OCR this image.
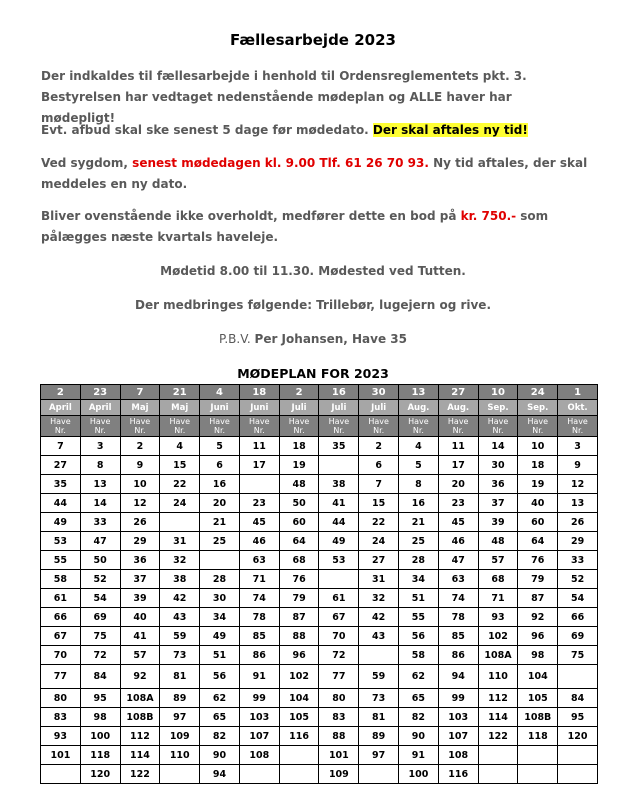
Fællesarbejde 2023
Der indkaldes til fællesarbejde i henhold til Ordensreglementets pkt. 3. Bestyrelsen har vedtaget nedenstående mødeplan og ALLE haver har mødepligt!
Evt. afbud skal ske senest 5 dage før mødedato. Der skal aftales ny tid!
Ved sygdom, senest mødedagen kl. 9.00 Tlf. 61 26 70 93. Ny tid aftales, der skal meddeles en ny dato.
Bliver ovenstående ikke overholdt, medfører dette en bod på kr. 750.- som pålægges næste kvartals haveleje.
Mødetid 8.00 til 11.30. Mødested ved Tutten.
Der medbringes følgende: Trillebør, lugejern og rive.
P.B.V. Per Johansen, Have 35
MØDEPLAN FOR 2023
2	23	7	21	4	18	2	16	30	13	27	10	24	1
April	April	Maj	Maj	Juni	Juni	Juli	Juli	Juli	Aug.	Aug.	Sep.	Sep.	Okt.
Have
Nr.	Have
Nr.	Have
Nr.	Have
Nr.	Have
Nr.	Have
Nr.	Have
Nr.	Have
Nr.	Have
Nr.	Have
Nr.	Have
Nr.	Have
Nr.	Have
Nr.	Have
Nr.
7	3	2	4	5	11	18	35	2	4	11	14	10	3
27	8	9	15	6	17	19		6	5	17	30	18	9
35	13	10	22	16		48	38	7	8	20	36	19	12
44	14	12	24	20	23	50	41	15	16	23	37	40	13
49	33	26		21	45	60	44	22	21	45	39	60	26
53	47	29	31	25	46	64	49	24	25	46	48	64	29
55	50	36	32		63	68	53	27	28	47	57	76	33
58	52	37	38	28	71	76		31	34	63	68	79	52
61	54	39	42	30	74	79	61	32	51	74	71	87	54
66	69	40	43	34	78	87	67	42	55	78	93	92	66
67	75	41	59	49	85	88	70	43	56	85	102	96	69
70	72	57	73	51	86	96	72		58	86	108A	98	75
77	84	92	81	56	91	102	77	59	62	94	110	104	
80	95	108A	89	62	99	104	80	73	65	99	112	105	84
83	98	108B	97	65	103	105	83	81	82	103	114	108B	95
93	100	112	109	82	107	116	88	89	90	107	122	118	120
101	118	114	110	90	108		101	97	91	108			
	120	122		94			109		100	116			
